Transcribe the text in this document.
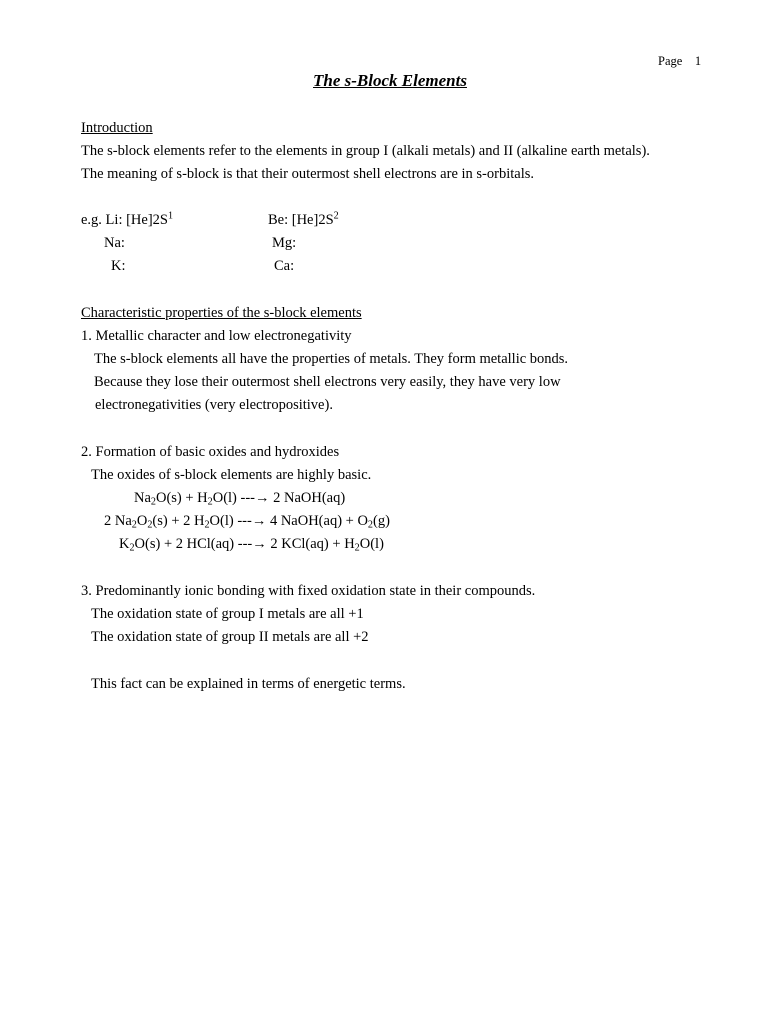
Page 1
The s-Block Elements
Introduction
The s-block elements refer to the elements in group I (alkali metals) and II (alkaline earth metals).
The meaning of s-block is that their outermost shell electrons are in s-orbitals.
e.g. Li: $[He]2S^1$	Be: $[He]2S^2$
Na:	Mg:
K:	Ca:
Characteristic properties of the s-block elements
1. Metallic character and low electronegativity
The s-block elements all have the properties of metals. They form metallic bonds.
Because they lose their outermost shell electrons very easily, they have very low
electronegativities (very electropositive).
2. Formation of basic oxides and hydroxides
The oxides of s-block elements are highly basic.
$Na_2O(s) + H_2O(l)$ ---→ 2 NaOH(aq)
2 $Na_2O_2(s) + 2$ $H_2O(l)$ ---→ 4 NaOH(aq) + $O_2(g)$
$K_2O(s) + 2$ HCl(aq) ---→ 2 $KCl(aq) + H_2O(l)$
3. Predominantly ionic bonding with fixed oxidation state in their compounds.
The oxidation state of group I metals are all +1
The oxidation state of group II metals are all +2
This fact can be explained in terms of energetic terms.
